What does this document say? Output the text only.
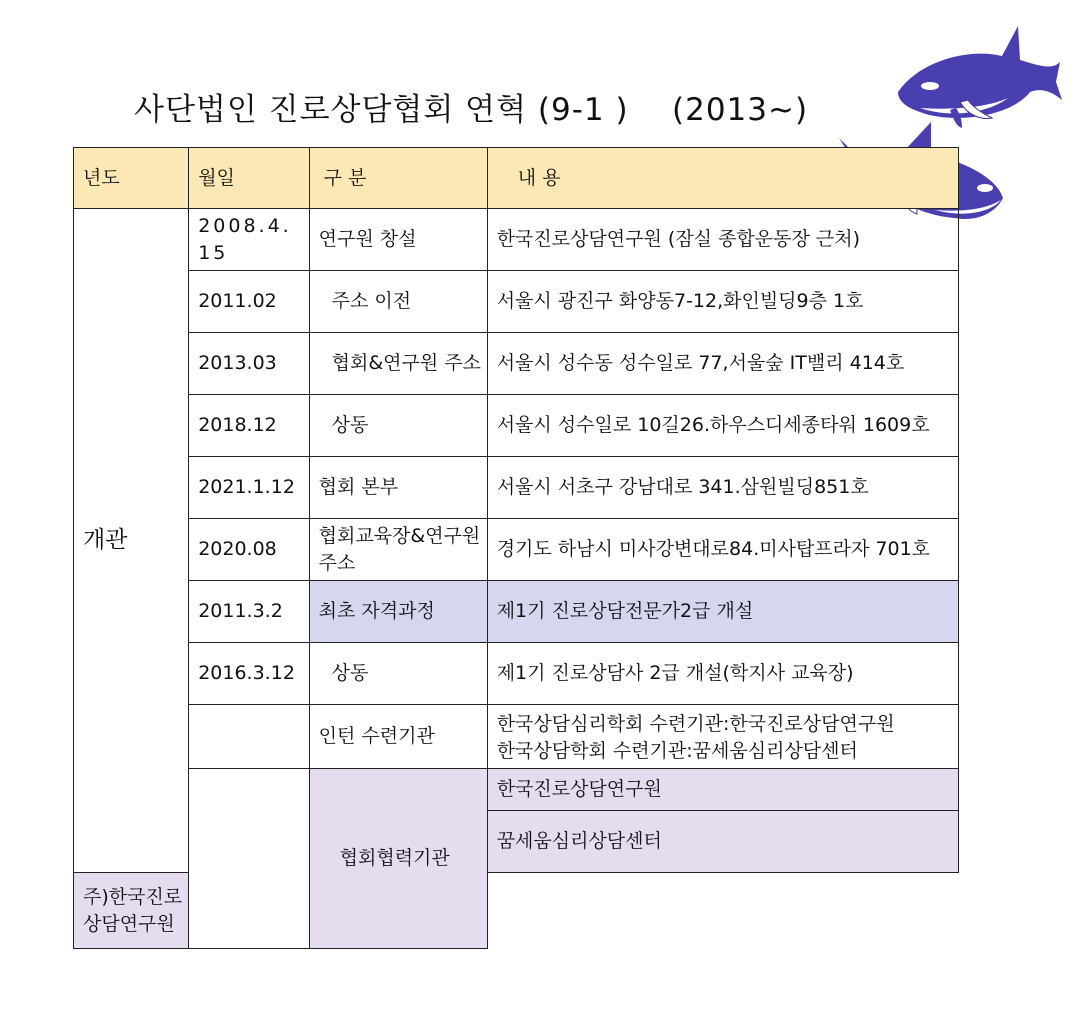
사단법인 진로상담협회 연혁 (9-1 )    (2013~)
년도	월일	구 분	내 용
개관	2008.4.15	연구원 창설	한국진로상담연구원 (잠실 종합운동장 근처)
	2011.02	주소 이전	서울시 광진구 화양동7-12,화인빌딩9층 1호
	2013.03	협회&연구원 주소	서울시 성수동 성수일로 77,서울숲 IT밸리 414호
	2018.12	상동	서울시 성수일로 10길26.하우스디세종타워 1609호
	2021.1.12	협회 본부	서울시 서초구 강남대로 341.삼원빌딩851호
	2020.08	협회교육장&연구원 주소	경기도 하남시 미사강변대로84.미사탑프라자 701호
	2011.3.2	최초 자격과정	제1기 진로상담전문가2급 개설
	2016.3.12	상동	제1기 진로상담사 2급 개설(학지사 교육장)
		인턴 수련기관	한국상담심리학회 수련기관:한국진로상담연구원
한국상담학회 수련기관:꿈세움심리상담센터

		협회협력기관	한국진로상담연구원
			꿈세움심리상담센터
주)한국진로상담연구원			
